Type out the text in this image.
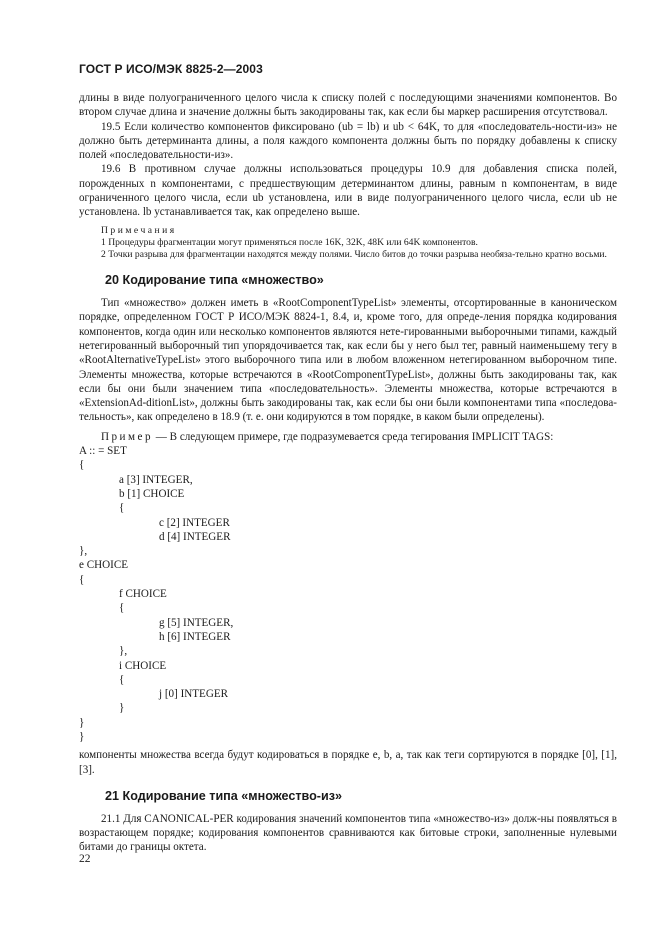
ГОСТ Р ИСО/МЭК 8825-2—2003

длины в виде полуограниченного целого числа к списку полей с последующими значениями компонентов. Во втором случае длина и значение должны быть закодированы так, как если бы маркер расширения отсутствовал.

19.5 Если количество компонентов фиксировано (ub = lb) и ub < 64K, то для «последователь-ности-из» не должно быть детерминанта длины, а поля каждого компонента должны быть по порядку добавлены к списку полей «последовательности-из».

19.6 В противном случае должны использоваться процедуры 10.9 для добавления списка полей, порожденных n компонентами, с предшествующим детерминантом длины, равным n компонентам, в виде ограниченного целого числа, если ub установлена, или в виде полуограниченного целого числа, если ub не установлена. lb устанавливается так, как определено выше.

Примечания
1 Процедуры фрагментации могут применяться после 16K, 32K, 48K или 64K компонентов.
2 Точки разрыва для фрагментации находятся между полями. Число битов до точки разрыва необяза-тельно кратно восьми.
20 Кодирование типа «множество»

Тип «множество» должен иметь в «RootComponentTypeList» элементы, отсортированные в каноническом порядке, определенном ГОСТ Р ИСО/МЭК 8824-1, 8.4, и, кроме того, для опреде-ления порядка кодирования компонентов, когда один или несколько компонентов являются нете-гированными выборочными типами, каждый нетегированный выборочный тип упорядочивается так, как если бы у него был тег, равный наименьшему тегу в «RootAlternativeTypeList» этого выборочного типа или в любом вложенном нетегированном выборочном типе. Элементы множества, которые встречаются в «RootComponentTypeList», должны быть закодированы так, как если бы они были значением типа «последовательность». Элементы множества, которые встречаются в «ExtensionAd-ditionList», должны быть закодированы так, как если бы они были компонентами типа «последова-тельность», как определено в 18.9 (т. е. они кодируются в том порядке, в каком были определены).

Пример — В следующем примере, где подразумевается среда тегирования IMPLICIT TAGS:

A :: = SET
{
a [3] INTEGER,
b [1] CHOICE
{
c [2] INTEGER
d [4] INTEGER
},
e CHOICE
{
f CHOICE
{
g [5] INTEGER,
h [6] INTEGER
},
i CHOICE
{
j [0] INTEGER
}
}
}

компоненты множества всегда будут кодироваться в порядке e, b, a, так как теги сортируются в порядке [0], [1], [3].

21 Кодирование типа «множество-из»

21.1 Для CANONICAL-PER кодирования значений компонентов типа «множество-из» долж-ны появляться в возрастающем порядке; кодирования компонентов сравниваются как битовые строки, заполненные нулевыми битами до границы октета.

22
